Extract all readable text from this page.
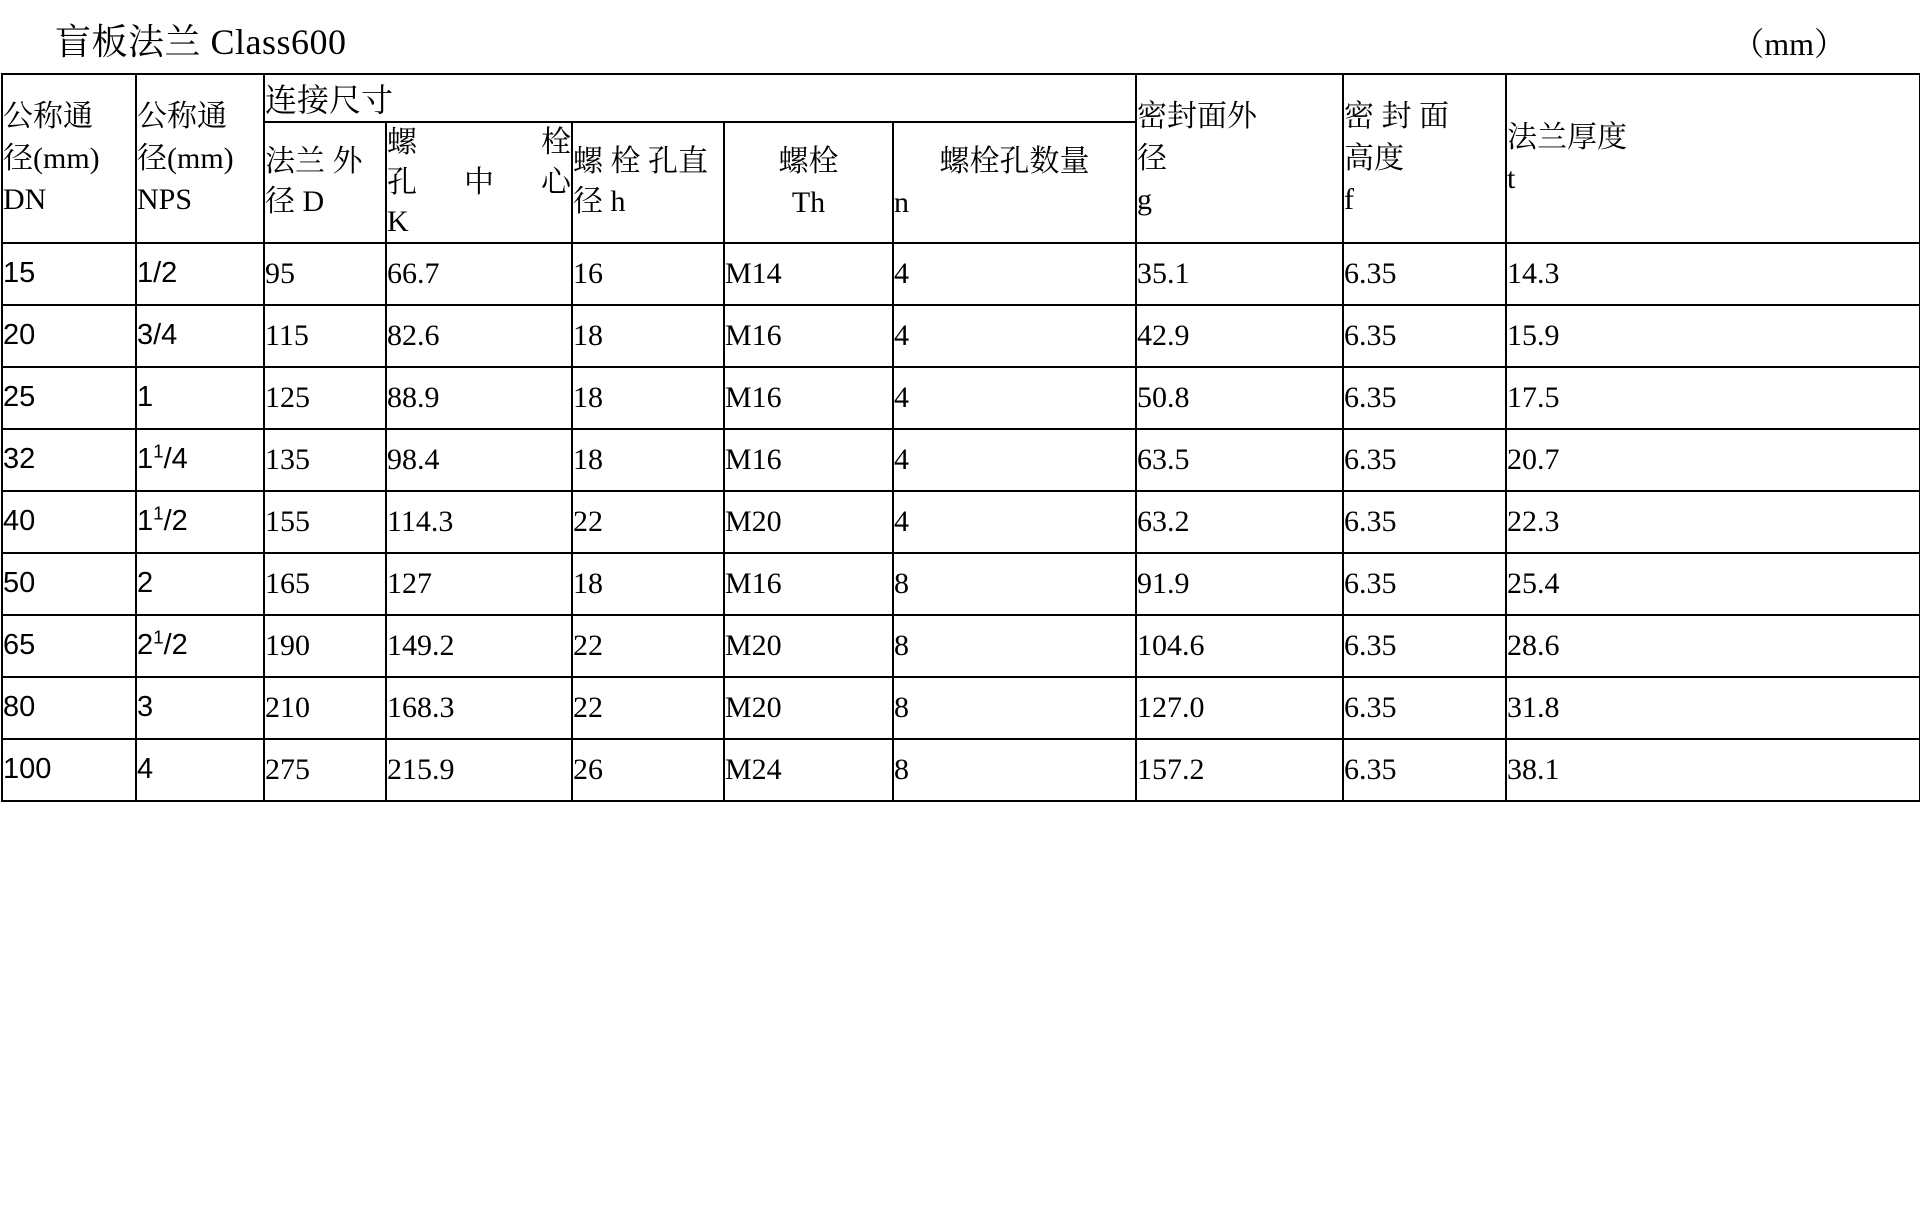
盲板法兰 Class600	（mm）
公称通
径(mm)
DN	公称通
径(mm)
NPS	连接尺寸					密封面外
径
g	密 封 面
高度
f	法兰厚度
t

		法兰 外径 D	螺 栓
孔中心
K	螺 栓 孔直径 h	螺栓
Th	螺栓孔数量
n			

15	1/2	95	66.7	16	M14	4	35.1	6.35	14.3
20	3/4	115	82.6	18	M16	4	42.9	6.35	15.9
25	1	125	88.9	18	M16	4	50.8	6.35	17.5
32	$1^1/4$	135	98.4	18	M16	4	63.5	6.35	20.7
40	$1^1/2$	155	114.3	22	M20	4	63.2	6.35	22.3
50	2	165	127	18	M16	8	91.9	6.35	25.4
65	$2^1/2$	190	149.2	22	M20	8	104.6	6.35	28.6
80	3	210	168.3	22	M20	8	127.0	6.35	31.8
100	4	275	215.9	26	M24	8	157.2	6.35	38.1
